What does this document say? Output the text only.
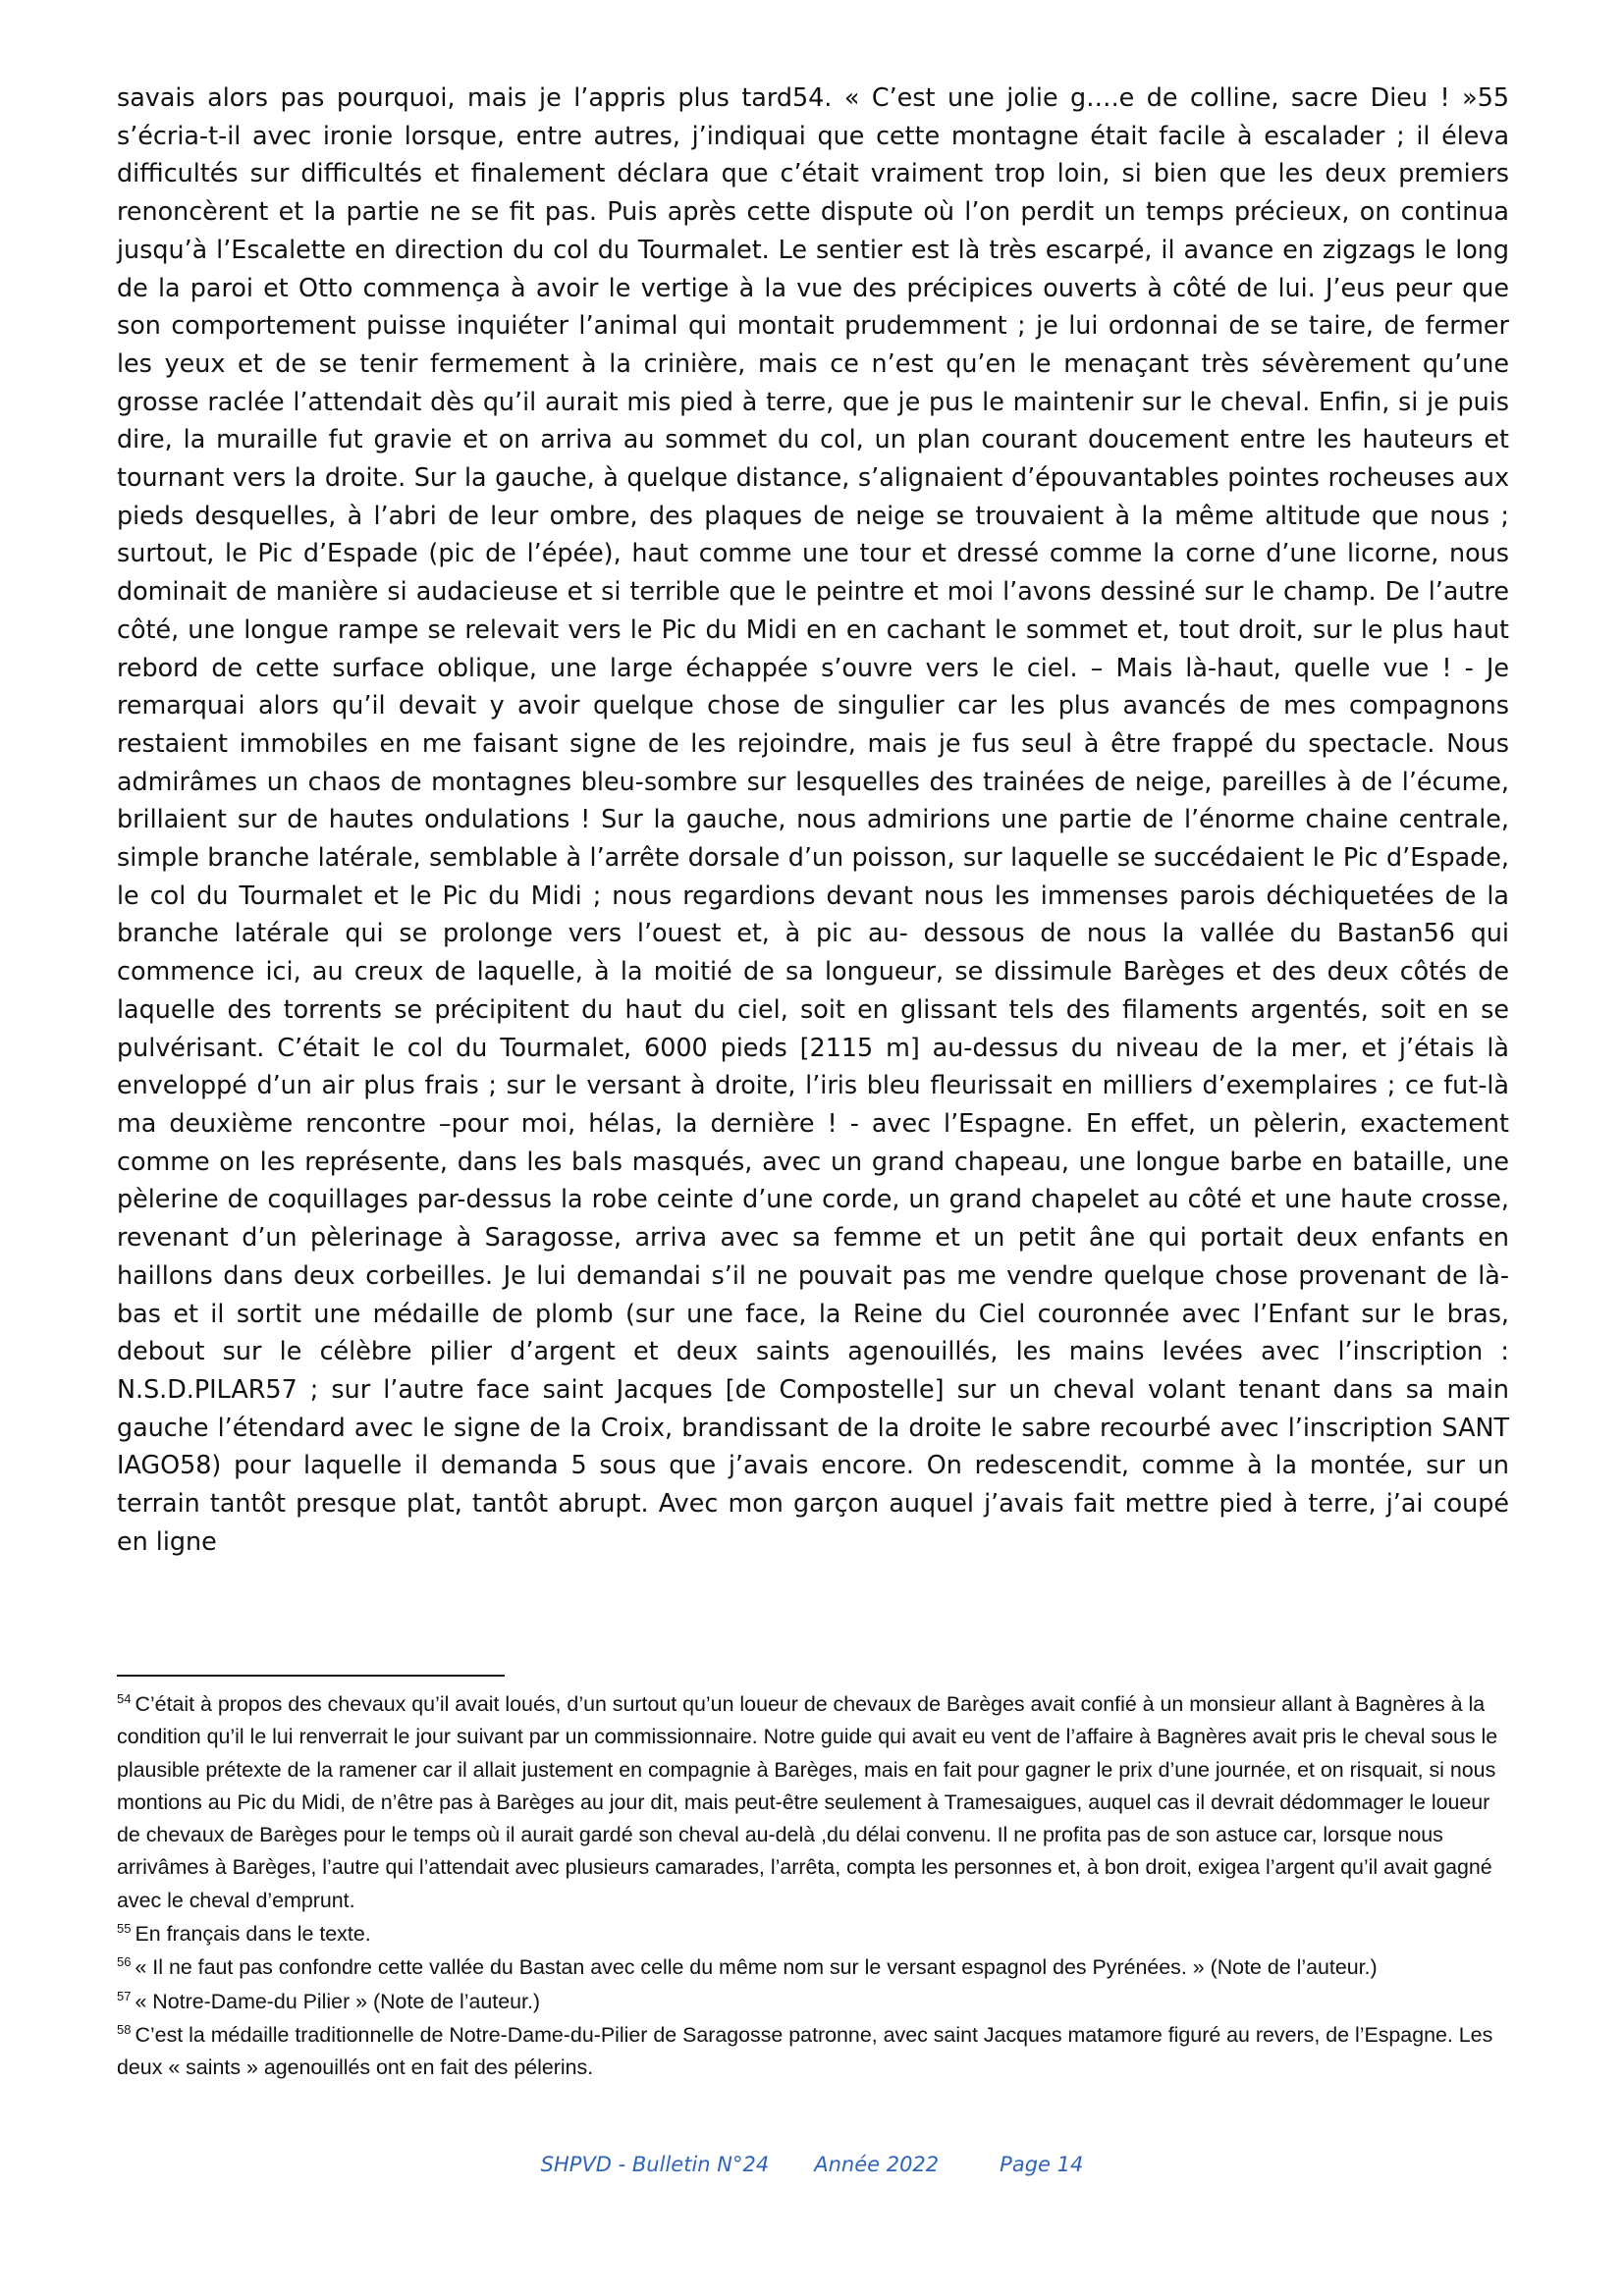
savais alors pas pourquoi, mais je l’appris plus tard54. « C’est une jolie g….e de colline, sacre Dieu ! »55 s’écria-t-il avec ironie lorsque, entre autres, j’indiquai que cette montagne était facile à escalader ; il éleva difficultés sur difficultés et finalement déclara que c’était vraiment trop loin, si bien que les deux premiers renoncèrent et la partie ne se fit pas. Puis après cette dispute où l’on perdit un temps précieux, on continua jusqu’à l’Escalette en direction du col du Tourmalet. Le sentier est là très escarpé, il avance en zigzags le long de la paroi et Otto commença à avoir le vertige à la vue des précipices ouverts à côté de lui. J’eus peur que son comportement puisse inquiéter l’animal qui montait prudemment ; je lui ordonnai de se taire, de fermer les yeux et de se tenir fermement à la crinière, mais ce n’est qu’en le menaçant très sévèrement qu’une grosse raclée l’attendait dès qu’il aurait mis pied à terre, que je pus le maintenir sur le cheval. Enfin, si je puis dire, la muraille fut gravie et on arriva au sommet du col, un plan courant doucement entre les hauteurs et tournant vers la droite. Sur la gauche, à quelque distance, s’alignaient d’épouvantables pointes rocheuses aux pieds desquelles, à l’abri de leur ombre, des plaques de neige se trouvaient à la même altitude que nous ; surtout, le Pic d’Espade (pic de l’épée), haut comme une tour et dressé comme la corne d’une licorne, nous dominait de manière si audacieuse et si terrible que le peintre et moi l’avons dessiné sur le champ. De l’autre côté, une longue rampe se relevait vers le Pic du Midi en en cachant le sommet et, tout droit, sur le plus haut rebord de cette surface oblique, une large échappée s’ouvre vers le ciel. – Mais là-haut, quelle vue ! - Je remarquai alors qu’il devait y avoir quelque chose de singulier car les plus avancés de mes compagnons restaient immobiles en me faisant signe de les rejoindre, mais je fus seul à être frappé du spectacle. Nous admirâmes un chaos de montagnes bleu-sombre sur lesquelles des trainées de neige, pareilles à de l’écume, brillaient sur de hautes ondulations ! Sur la gauche, nous admirions une partie de l’énorme chaine centrale, simple branche latérale, semblable à l’arrête dorsale d’un poisson, sur laquelle se succédaient le Pic d’Espade, le col du Tourmalet et le Pic du Midi ; nous regardions devant nous les immenses parois déchiquetées de la branche latérale qui se prolonge vers l’ouest et, à pic au- dessous de nous la vallée du Bastan56 qui commence ici, au creux de laquelle, à la moitié de sa longueur, se dissimule Barèges et des deux côtés de laquelle des torrents se précipitent du haut du ciel, soit en glissant tels des filaments argentés, soit en se pulvérisant. C’était le col du Tourmalet, 6000 pieds [2115 m] au-dessus du niveau de la mer, et j’étais là enveloppé d’un air plus frais ; sur le versant à droite, l’iris bleu fleurissait en milliers d’exemplaires ; ce fut-là ma deuxième rencontre –pour moi, hélas, la dernière ! - avec l’Espagne. En effet, un pèlerin, exactement comme on les représente, dans les bals masqués, avec un grand chapeau, une longue barbe en bataille, une pèlerine de coquillages par-dessus la robe ceinte d’une corde, un grand chapelet au côté et une haute crosse, revenant d’un pèlerinage à Saragosse, arriva avec sa femme et un petit âne qui portait deux enfants en haillons dans deux corbeilles. Je lui demandai s’il ne pouvait pas me vendre quelque chose provenant de là-bas et il sortit une médaille de plomb (sur une face, la Reine du Ciel couronnée avec l’Enfant sur le bras, debout sur le célèbre pilier d’argent et deux saints agenouillés, les mains levées avec l’inscription : N.S.D.PILAR57 ; sur l’autre face saint Jacques [de Compostelle] sur un cheval volant tenant dans sa main gauche l’étendard avec le signe de la Croix, brandissant de la droite le sabre recourbé avec l’inscription SANT IAGO58) pour laquelle il demanda 5 sous que j’avais encore. On redescendit, comme à la montée, sur un terrain tantôt presque plat, tantôt abrupt. Avec mon garçon auquel j’avais fait mettre pied à terre, j’ai coupé en ligne

$^{54}$ C’était à propos des chevaux qu’il avait loués, d’un surtout qu’un loueur de chevaux de Barèges avait confié à un monsieur allant à Bagnères à la condition qu’il le lui renverrait le jour suivant par un commissionnaire. Notre guide qui avait eu vent de l’affaire à Bagnères avait pris le cheval sous le plausible prétexte de la ramener car il allait justement en compagnie à Barèges, mais en fait pour gagner le prix d’une journée, et on risquait, si nous montions au Pic du Midi, de n’être pas à Barèges au jour dit, mais peut-être seulement à Tramesaigues, auquel cas il devrait dédommager le loueur de chevaux de Barèges pour le temps où il aurait gardé son cheval au-delà ,du délai convenu. Il ne profita pas de son astuce car, lorsque nous arrivâmes à Barèges, l’autre qui l’attendait avec plusieurs camarades, l’arrêta, compta les personnes et, à bon droit, exigea l’argent qu’il avait gagné avec le cheval d’emprunt.

$^{55}$ En français dans le texte.

$^{56}$ « Il ne faut pas confondre cette vallée du Bastan avec celle du même nom sur le versant espagnol des Pyrénées. » (Note de l’auteur.)

$^{57}$ « Notre-Dame-du Pilier » (Note de l’auteur.)

$^{58}$ C’est la médaille traditionnelle de Notre-Dame-du-Pilier de Saragosse patronne, avec saint Jacques matamore figuré au revers, de l’Espagne. Les deux « saints » agenouillés ont en fait des pélerins.

SHPVD - Bulletin N°24 Année 2022	Page 14
